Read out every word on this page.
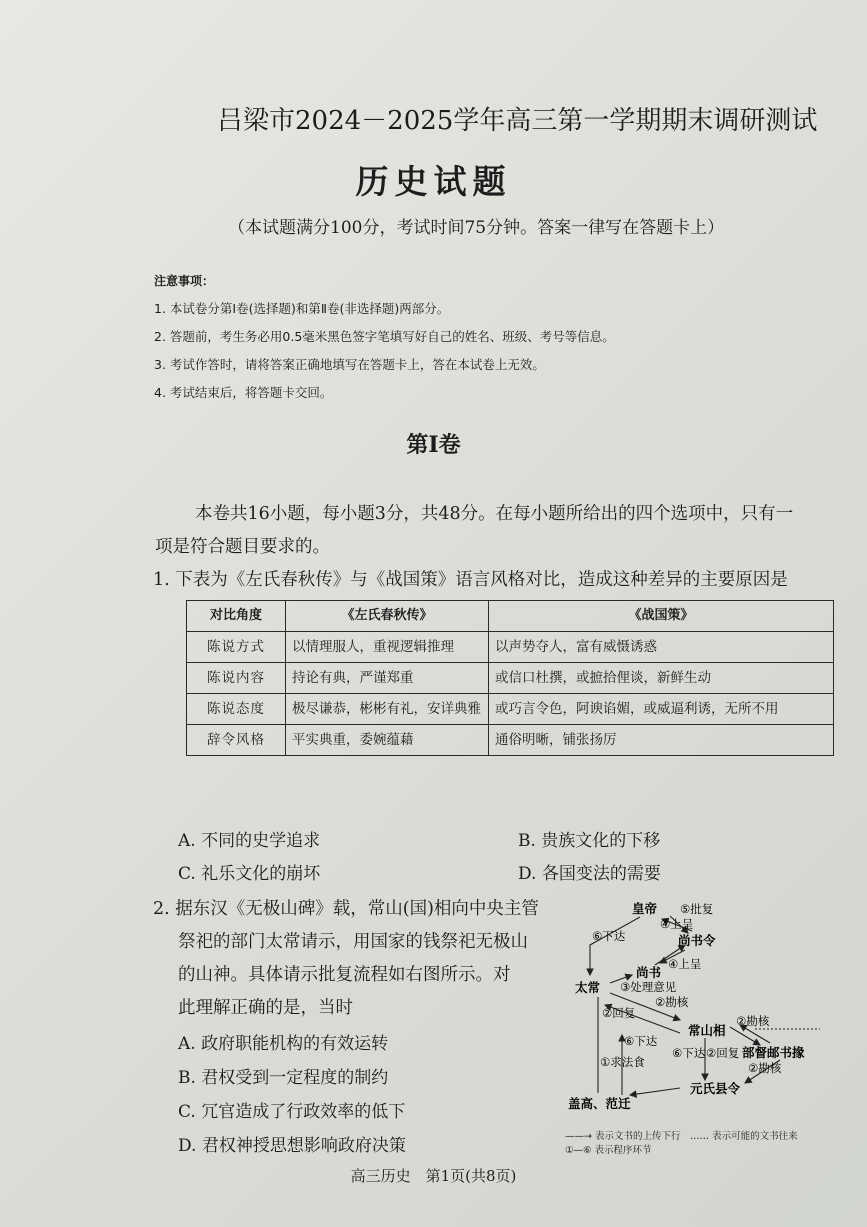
吕梁市2024－2025学年高三第一学期期末调研测试
历史试题
（本试题满分100分，考试时间75分钟。答案一律写在答题卡上）
注意事项：
1. 本试卷分第Ⅰ卷(选择题)和第Ⅱ卷(非选择题)两部分。
2. 答题前，考生务必用0.5毫米黑色签字笔填写好自己的姓名、班级、考号等信息。
3. 考试作答时，请将答案正确地填写在答题卡上，答在本试卷上无效。
4. 考试结束后，将答题卡交回。
第Ⅰ卷
本卷共16小题，每小题3分，共48分。在每小题所给出的四个选项中，只有一
项是符合题目要求的。
1. 下表为《左氏春秋传》与《战国策》语言风格对比，造成这种差异的主要原因是
对比角度	《左氏春秋传》	《战国策》
陈说方式	以情理服人，重视逻辑推理	以声势夺人，富有威慑诱惑
陈说内容	持论有典，严谨郑重	或信口杜撰，或摭拾俚谈，新鲜生动
陈说态度	极尽谦恭，彬彬有礼，安详典雅	或巧言令色，阿谀谄媚，或威逼利诱，无所不用
辞令风格	平实典重，委婉蕴藉	通俗明晰，铺张扬厉
A. 不同的史学追求	B. 贵族文化的下移
C. 礼乐文化的崩坏	D. 各国变法的需要
2. 据东汉《无极山碑》载，常山(国)相向中央主管
祭祀的部门太常请示，用国家的钱祭祀无极山
的山神。具体请示批复流程如右图所示。对
此理解正确的是，当时
A. 政府职能机构的有效运转
B. 君权受到一定程度的制约
C. 冗官造成了行政效率的低下
D. 君权神授思想影响政府决策
皇帝
尚书令
尚书
太常
常山相
部督邮书掾
元氏县令
盖高、范迁
⑤批复
④上呈
⑥下达
④上呈
③处理意见
②勘核
②回复
②勘核
⑥下达
⑥下达 ②回复
②勘核
①求法食
——→ 表示文书的上传下行　 …… 表示可能的文书往来
①—⑥ 表示程序环节
高三历史　第1页(共8页)
